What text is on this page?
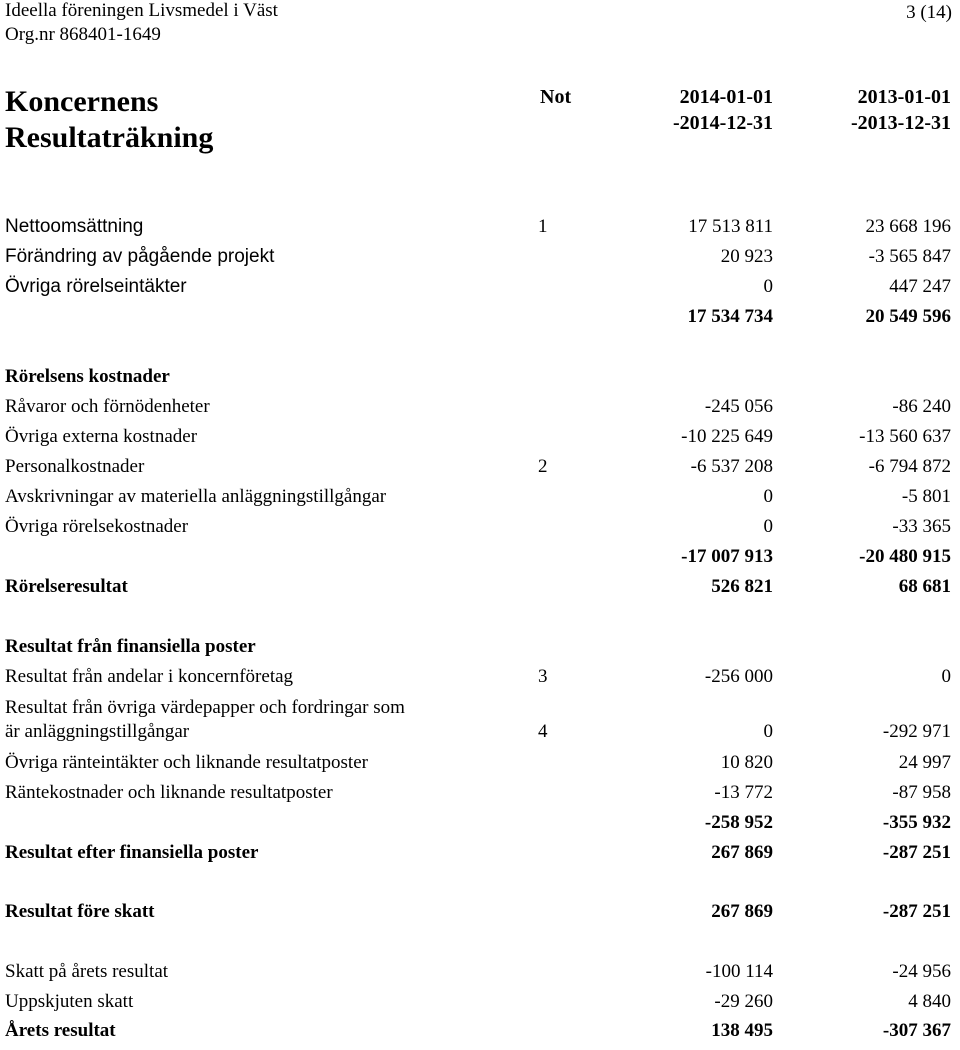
Ideella föreningen Livsmedel i Väst
Org.nr 868401-1649
3 (14)
Koncernens
Resultaträkning
Not	2014-01-01
-2014-12-31
2013-01-01
-2013-12-31
Nettoomsättning	1	17 513 811	23 668 196
Förändring av pågående projekt	20 923	-3 565 847
Övriga rörelseintäkter	0	447 247
17 534 734	20 549 596
Rörelsens kostnader
Råvaror och förnödenheter	-245 056	-86 240
Övriga externa kostnader	-10 225 649	-13 560 637
Personalkostnader	2	-6 537 208	-6 794 872
Avskrivningar av materiella anläggningstillgångar	0	-5 801
Övriga rörelsekostnader	0	-33 365
-17 007 913	-20 480 915
Rörelseresultat	526 821	68 681
Resultat från finansiella poster
Resultat från andelar i koncernföretag	3	-256 000	0
Resultat från övriga värdepapper och fordringar som
är anläggningstillgångar	4	0	-292 971
Övriga ränteintäkter och liknande resultatposter	10 820	24 997
Räntekostnader och liknande resultatposter	-13 772	-87 958
-258 952	-355 932
Resultat efter finansiella poster	267 869	-287 251
Resultat före skatt	267 869	-287 251
Skatt på årets resultat	-100 114	-24 956
Uppskjuten skatt	-29 260	4 840
Årets resultat	138 495	-307 367
